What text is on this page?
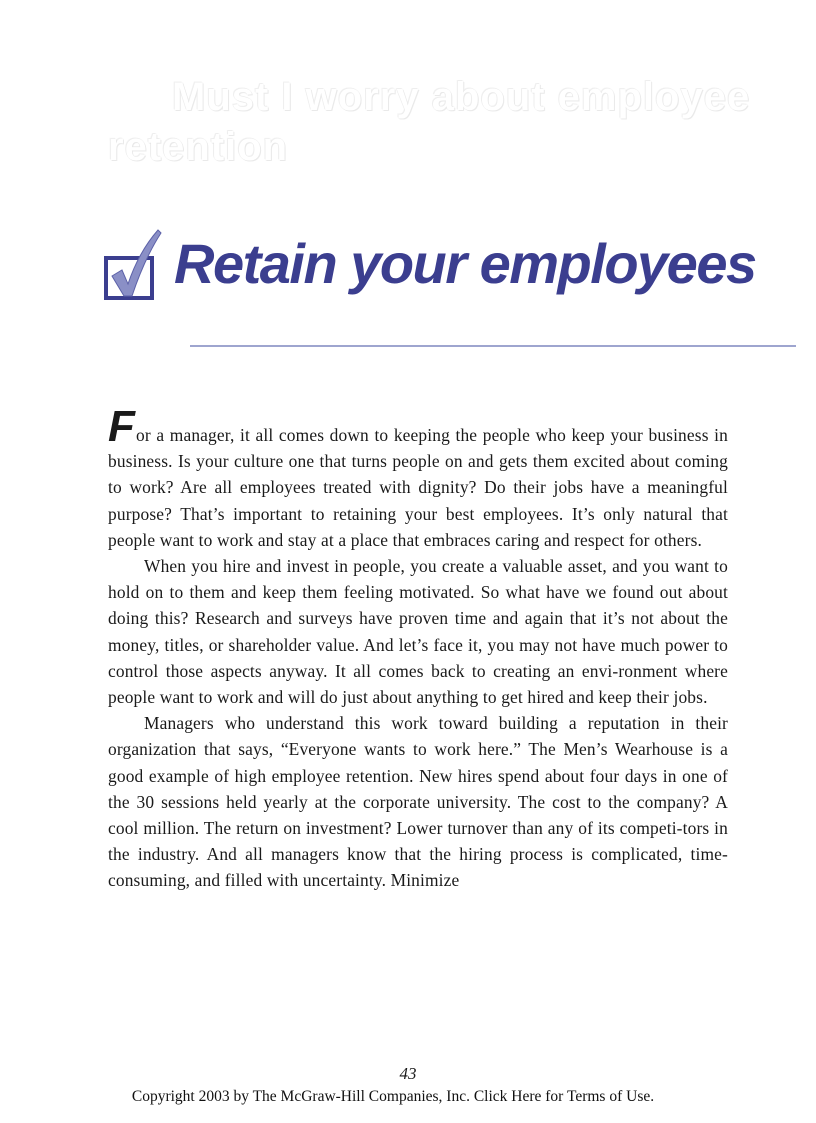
Must I worry about employee
retention
Retain your employees

For a manager, it all comes down to keeping the people who keep your business in business. Is your culture one that turns people on and gets them excited about coming to work? Are all employees treated with dignity? Do their jobs have a meaningful purpose? That’s important to retaining your best employees. It’s only natural that people want to work and stay at a place that embraces caring and respect for others.

When you hire and invest in people, you create a valuable asset, and you want to hold on to them and keep them feeling motivated. So what have we found out about doing this? Research and surveys have proven time and again that it’s not about the money, titles, or shareholder value. And let’s face it, you may not have much power to control those aspects anyway. It all comes back to creating an envi-ronment where people want to work and will do just about anything to get hired and keep their jobs.

Managers who understand this work toward building a reputation in their organization that says, “Everyone wants to work here.” The Men’s Wearhouse is a good example of high employee retention. New hires spend about four days in one of the 30 sessions held yearly at the corporate university. The cost to the company? A cool million. The return on investment? Lower turnover than any of its competi-tors in the industry. And all managers know that the hiring process is complicated, time-consuming, and filled with uncertainty. Minimize

43
Copyright 2003 by The McGraw-Hill Companies, Inc. Click Here for Terms of Use.
